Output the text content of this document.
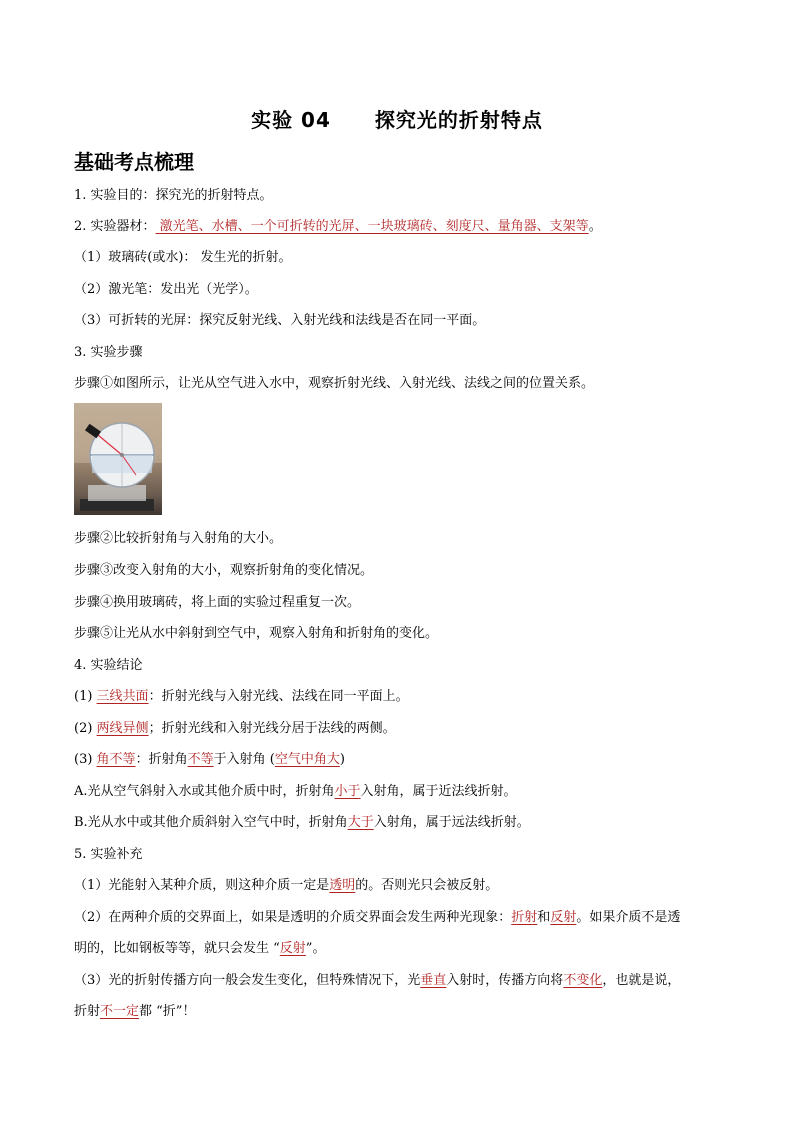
实验 04 探究光的折射特点
基础考点梳理
1. 实验目的：探究光的折射特点。
2. 实验器材： 激光笔、水槽、一个可折转的光屏、一块玻璃砖、刻度尺、量角器、支架等。
（1）玻璃砖(或水)： 发生光的折射。
（2）激光笔：发出光（光学）。
（3）可折转的光屏：探究反射光线、入射光线和法线是否在同一平面。
3. 实验步骤
步骤①如图所示，让光从空气进入水中，观察折射光线、入射光线、法线之间的位置关系。
步骤②比较折射角与入射角的大小。
步骤③改变入射角的大小，观察折射角的变化情况。
步骤④换用玻璃砖，将上面的实验过程重复一次。
步骤⑤让光从水中斜射到空气中，观察入射角和折射角的变化。
4. 实验结论
(1) 三线共面：折射光线与入射光线、法线在同一平面上。
(2) 两线异侧；折射光线和入射光线分居于法线的两侧。
(3) 角不等：折射角不等于入射角 (空气中角大)
A.光从空气斜射入水或其他介质中时，折射角小于入射角，属于近法线折射。
B.光从水中或其他介质斜射入空气中时，折射角大于入射角，属于远法线折射。
5. 实验补充
（1）光能射入某种介质，则这种介质一定是透明的。否则光只会被反射。
（2）在两种介质的交界面上，如果是透明的介质交界面会发生两种光现象：折射和反射。如果介质不是透
明的，比如钢板等等，就只会发生 “反射”。
（3）光的折射传播方向一般会发生变化，但特殊情况下，光垂直入射时，传播方向将不变化，也就是说，
折射不一定都 “折”！
